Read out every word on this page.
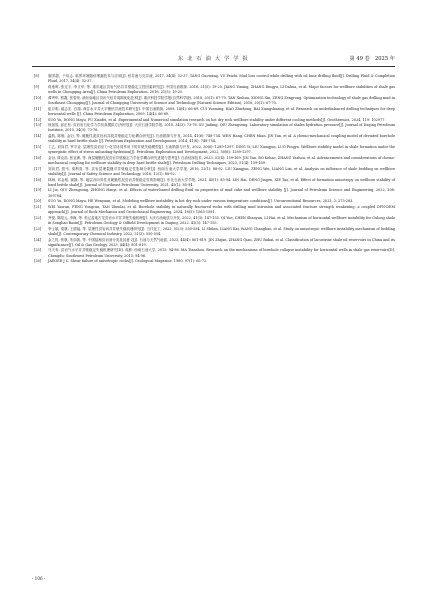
东 北 石 油 大 学 学 报	第 49 卷　2025 年
[8]	唐国超，于培志. 临界环境随钻堵漏技术与应用[J]. 钻井液与完井液, 2017, 34(4): 32-37. TANG Guowang, YU Peizhi. Mud loss control while drilling with oil base drilling fluid[J]. Drilling Fluid & Completion Fluid, 2017, 34(4): 32-37.
[9]	蒋逸晖, 张定宇, 李文华, 等. 重庆地区页岩气钻井井壁稳定主控因素研究[J]. 中国石油勘探, 2016, 21(5): 19-25. JIANG Yiming, ZHANG Dingyu, LI Dahua, et al. Major factors for wellbore stabilities of shale gas wells in Chongqing Area[J]. China Petroleum Exploration, 2016, 21(5): 19-25.
[10] 谭秀华, 熊鑫, 张曾荣. 渝东南地区页岩气钻井周期优化技术[J]. 重庆科技学院学报(自然科学版), 2018, 20(1): 67-70. TAN Xiuhua, XIONG Xin, ZENG Zengrong. Optimization technology of shale gas drilling mud in Southeast Chongqing[J]. Journal of Chongqing University of Science and Technology (Natural Science Edition), 2018, 20(1): 67-70.
[11] 崔月明, 郝志宏, 白翔. 深井水平井大平衡钻井液技术研究[J]. 中国石油勘探, 2009, 14(4): 66-69. CUI Yueming, HAO Zhizhong, BAI Xiangshuang, et al. Research on underbalanced drilling techniques for deep horizontal wells [J]. China Petroleum Exploration, 2009, 14(4): 66-69.
[12] SUO Yu, DONG Mayu, FU Xiaofei, et al. Experimental and Numerical simulation research on hot dry rock wellbore stability under different cooling methods[J]. Geothermics, 2024, 119: 102977.
[13] 徐加放, 邱正松. 页岩岩石化学力学仿真模拟方法研究[J]. 大庆石油学院学报, 2010, 34(3): 73-76. XU Jiafang, QIU Zhengsong. Laboratory simulation of shales hydration pressure[J]. Journal of Daqing Petroleum Institute, 2010, 34(3): 73-76.
[14] 温航, 陈勉, 金衍, 等. 硬脆性泥页岩斜井段井壁稳定力化耦合研究[J]. 石油勘探与开发, 2014, 41(6): 748-754. WEN Hang, CHEN Mian, JIN Yan, et al. A chemo-mechanical coupling model of deviated borehole stability in hard brittle shale [J]. Petroleum Exploration and Development, 2014, 41(6): 748-754.
[15] 丁乙, 刘向君, 罗平亚. 层理性页岩应力-化学协同作用下的井壁失稳模型[J]. 石油勘探与开发, 2022, 50(6): 1289-1297. DING Yi, LIU Xiangjun, LUO Pingya. Wellbore stability model in shale formation under the synergistic effect of stress unloading-hydration[J]. Petroleum Exploration and Development, 2022, 50(6): 1289-1297.
[16] 金衍, 薄克浩, 张亚洲, 等. 深层硬脆性泥页岩井壁稳定力学化学耦合研究进展与思考[J]. 石油钻探技术, 2023, 51(4): 159-169. JIN Yan, BO Kehao, ZHANG Yazhou, et al. Advancements and considerations of chemo-mechanical coupling for wellbore stability in deep hard brittle shale[J]. Petroleum Drilling Techniques, 2023, 51(4): 159-169.
[17] 刘向君, 曾韦, 梁利喜, 等. 页岩层理裂缝对井壁稳定性影响分析[J]. 西南石油大学学报, 2016, 12(1): 88-92. LIU Xiangjun, ZENG Wei, LIANG Lixi, et al. Analysis on influence of shale bedding on wellbore stability[J]. Journal of Safety Science and Technology, 2016, 12(1): 88-92.
[18] 林海, 邓金根, 谢静, 等. 地层各向异性对硬脆性泥页岩井壁稳定性的影响[J]. 东北石油大学学报, 2021, 45(1): 85-94. LIN Hai, DENG Jingen, XIE Tao, et al. Effect of formation anisotropy on wellbore stability of hard brittle shale[J]. Journal of Northeast Petroleum University, 2021, 45(1): 85-94.
[19] LI Jia, QIU Zhengsong, ZHONG Hanyi, et al. Effects of water-based drilling fluid on properties of mud cake and wellbore stability [J]. Journal of Petroleum Science and Engineering, 2022, 208: 109704.
[20] SUO Yu, DONG Mayu, HE Wenyuan, et al. Modeling wellbore instability in hot dry rock under various temperature conditions[J]. Unconventional Resources, 2023, 3: 275-283.
[21] WEI Yaoran, FENG Yongcun, TAN Zhenlai, et al. Borehole stability in naturally fractured rocks with drilling mud intrusion and associated fracture strength weakening: a coupled DFN-DEM approach[J]. Journal of Rock Mechanics and Geotechnical Engineering, 2024, 16(5): 1565-1581.
[22] 齐悦, 陈绍云, 李海, 等. 松辽盆地古龙页岩水平井井壁失稳机理[J]. 大庆石油地质与开发, 2022, 41(3): 147-155. QI Yue, CHEN Shaoyun, LI Hai, et al. Mechanism of horizontal wellbore instability for Gulong shale in Songliao Basin[J]. Petroleum Geology & Oilfield Development in Daqing, 2022, 41(3): 147-155.
[23] 李士斌, 梁康, 王德福, 等. 层理性页岩斜井井壁失稳机理研究[J]. 当代化工, 2022, 51(3): 550-554. LI Shibin, LIANG Kai, WANG Changhao, et al. Study on anisotropic wellbore instability mechanism of bedding shale[J]. Contemporary Chemical Industry, 2022, 51(3): 550-554.
[24] 金之钧, 张康, 朱如凯, 等. 中国陆相页岩油分类及其意义[J]. 石油与天然气地质, 2023, 44(4): 801-819. JIN Zhijun, ZHANG Qian, ZHU Rukai, et al. Classification of lacustrine shale oil reservoirs in China and its significance[J]. Oil & Gas Geology, 2023, 44(4): 801-819.
[25] 马天寿. 页岩气水平井井壁稳定失稳机理研究[D]. 成都: 西南石油大学, 2015: 94-96. MA Tianshou. Research on the mechanisms of borehole collapse instability for horizontal wells in shale gas reservoirs[D]. Chengdu: Southwest Petroleum University, 2015: 94-96.
[26] JAEGER J C. Shear failure of anisotropic rocks[J]. Geological Magazine, 1960, 97(1): 65-72.
· 106 ·
